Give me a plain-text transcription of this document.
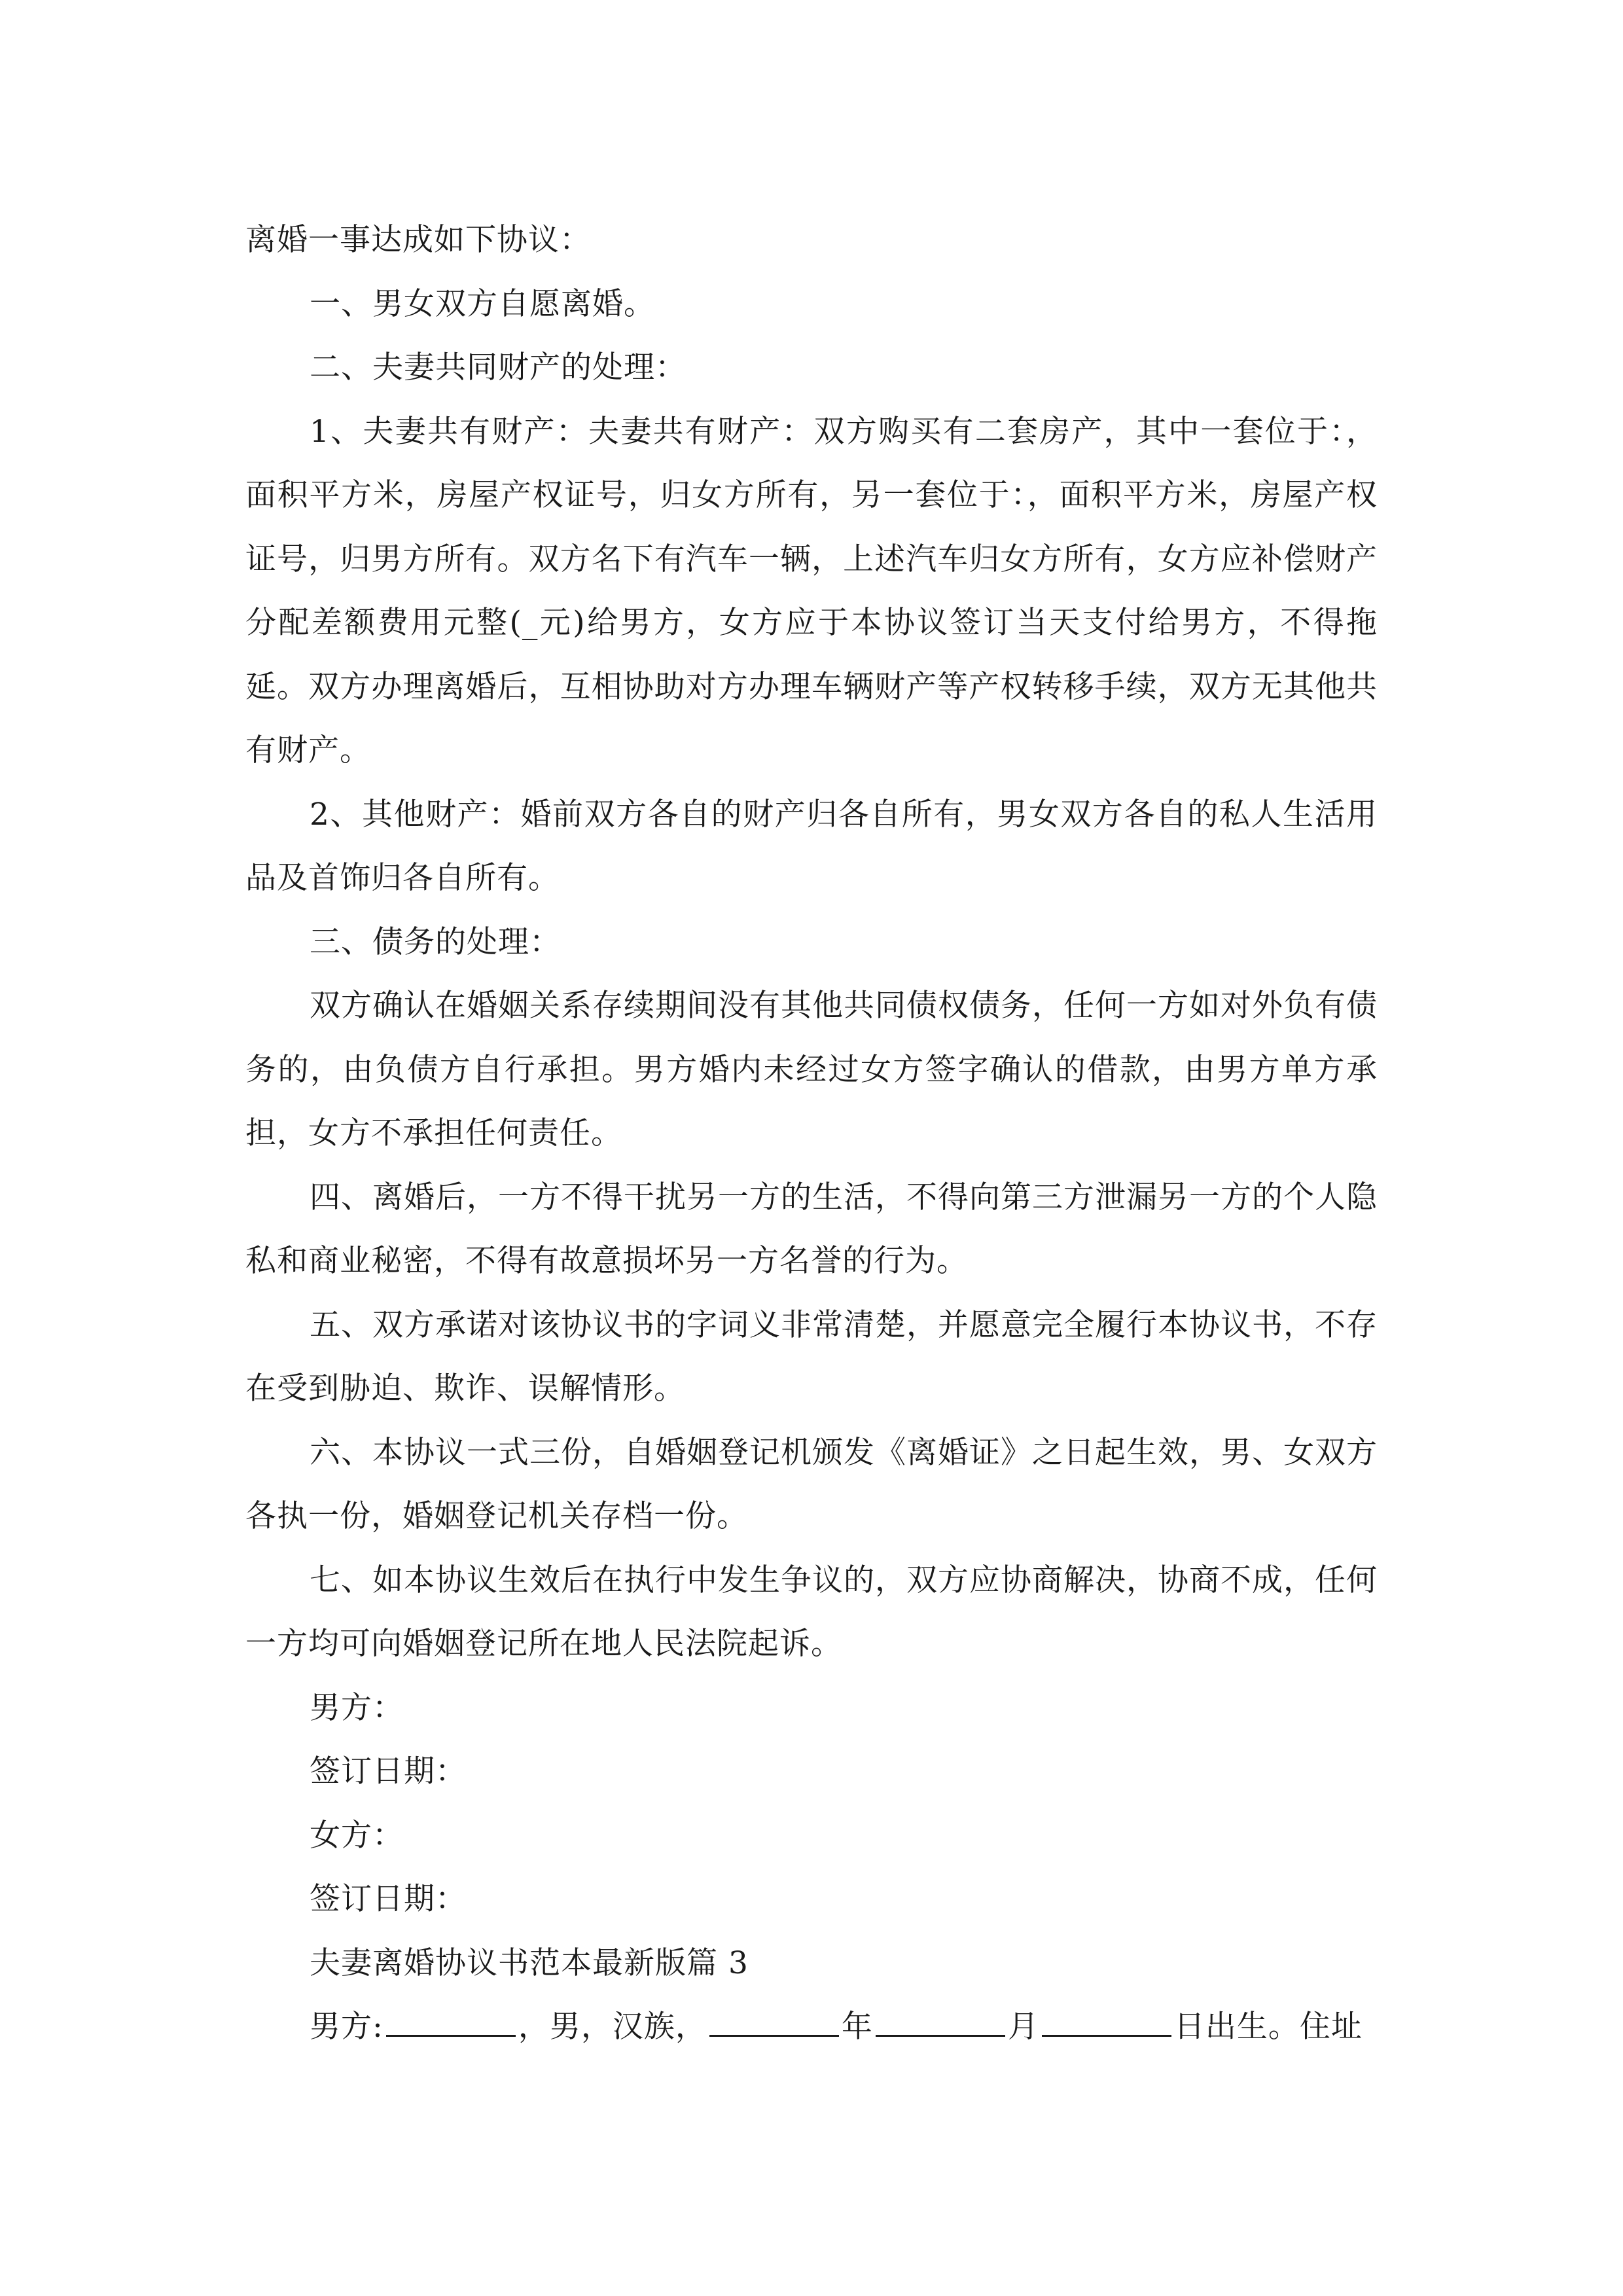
离婚一事达成如下协议：

一、男女双方自愿离婚。

二、夫妻共同财产的处理：

1、夫妻共有财产：夫妻共有财产：双方购买有二套房产，其中一套位于：，面积平方米，房屋产权证号，归女方所有，另一套位于：，面积平方米，房屋产权证号，归男方所有。双方名下有汽车一辆，上述汽车归女方所有，女方应补偿财产分配差额费用元整(_元)给男方，女方应于本协议签订当天支付给男方，不得拖延。双方办理离婚后，互相协助对方办理车辆财产等产权转移手续，双方无其他共有财产。

2、其他财产：婚前双方各自的财产归各自所有，男女双方各自的私人生活用品及首饰归各自所有。

三、债务的处理：

双方确认在婚姻关系存续期间没有其他共同债权债务，任何一方如对外负有债务的，由负债方自行承担。男方婚内未经过女方签字确认的借款，由男方单方承担，女方不承担任何责任。

四、离婚后，一方不得干扰另一方的生活，不得向第三方泄漏另一方的个人隐私和商业秘密，不得有故意损坏另一方名誉的行为。

五、双方承诺对该协议书的字词义非常清楚，并愿意完全履行本协议书，不存在受到胁迫、欺诈、误解情形。

六、本协议一式三份，自婚姻登记机颁发《离婚证》之日起生效，男、女双方各执一份，婚姻登记机关存档一份。

七、如本协议生效后在执行中发生争议的，双方应协商解决，协商不成，任何一方均可向婚姻登记所在地人民法院起诉。

男方：

签订日期：

女方：

签订日期：

夫妻离婚协议书范本最新版篇 3

男方:	，男，汉族，	年	月	日出生。住址
